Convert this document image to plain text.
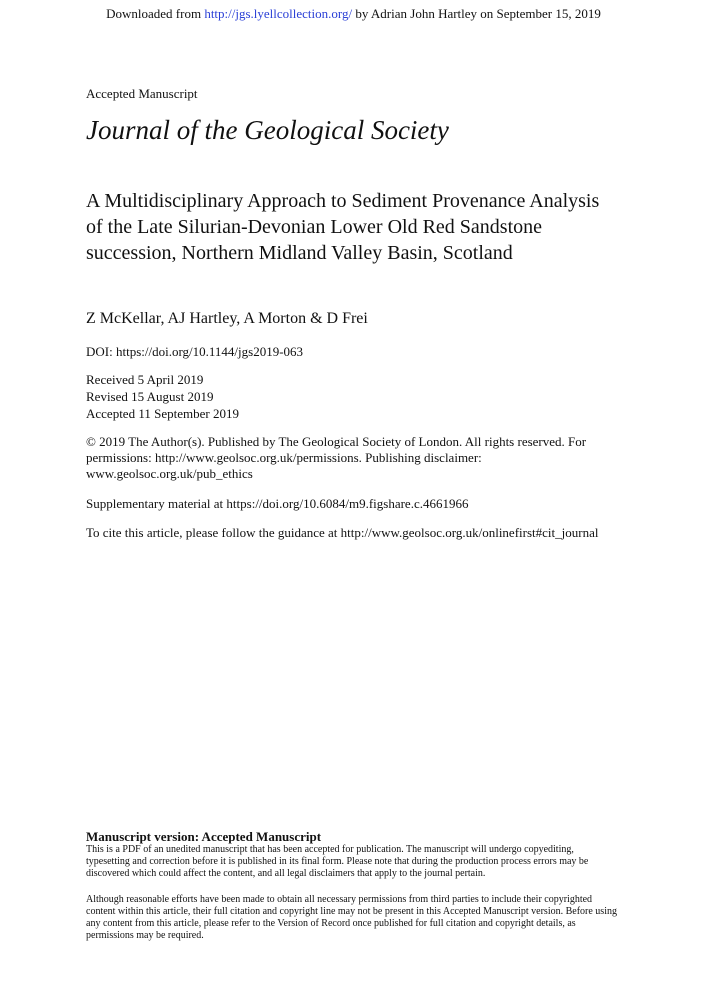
Downloaded from http://jgs.lyellcollection.org/ by Adrian John Hartley on September 15, 2019
Accepted Manuscript
Journal of the Geological Society
A Multidisciplinary Approach to Sediment Provenance Analysis of the Late Silurian-Devonian Lower Old Red Sandstone succession, Northern Midland Valley Basin, Scotland
Z McKellar, AJ Hartley, A Morton & D Frei
DOI: https://doi.org/10.1144/jgs2019-063
Received 5 April 2019
Revised 15 August 2019
Accepted 11 September 2019
© 2019 The Author(s). Published by The Geological Society of London. All rights reserved. For permissions: http://www.geolsoc.org.uk/permissions. Publishing disclaimer: www.geolsoc.org.uk/pub_ethics
Supplementary material at https://doi.org/10.6084/m9.figshare.c.4661966
To cite this article, please follow the guidance at http://www.geolsoc.org.uk/onlinefirst#cit_journal
Manuscript version: Accepted Manuscript

This is a PDF of an unedited manuscript that has been accepted for publication. The manuscript will undergo copyediting, typesetting and correction before it is published in its final form. Please note that during the production process errors may be discovered which could affect the content, and all legal disclaimers that apply to the journal pertain.

Although reasonable efforts have been made to obtain all necessary permissions from third parties to include their copyrighted content within this article, their full citation and copyright line may not be present in this Accepted Manuscript version. Before using any content from this article, please refer to the Version of Record once published for full citation and copyright details, as permissions may be required.
